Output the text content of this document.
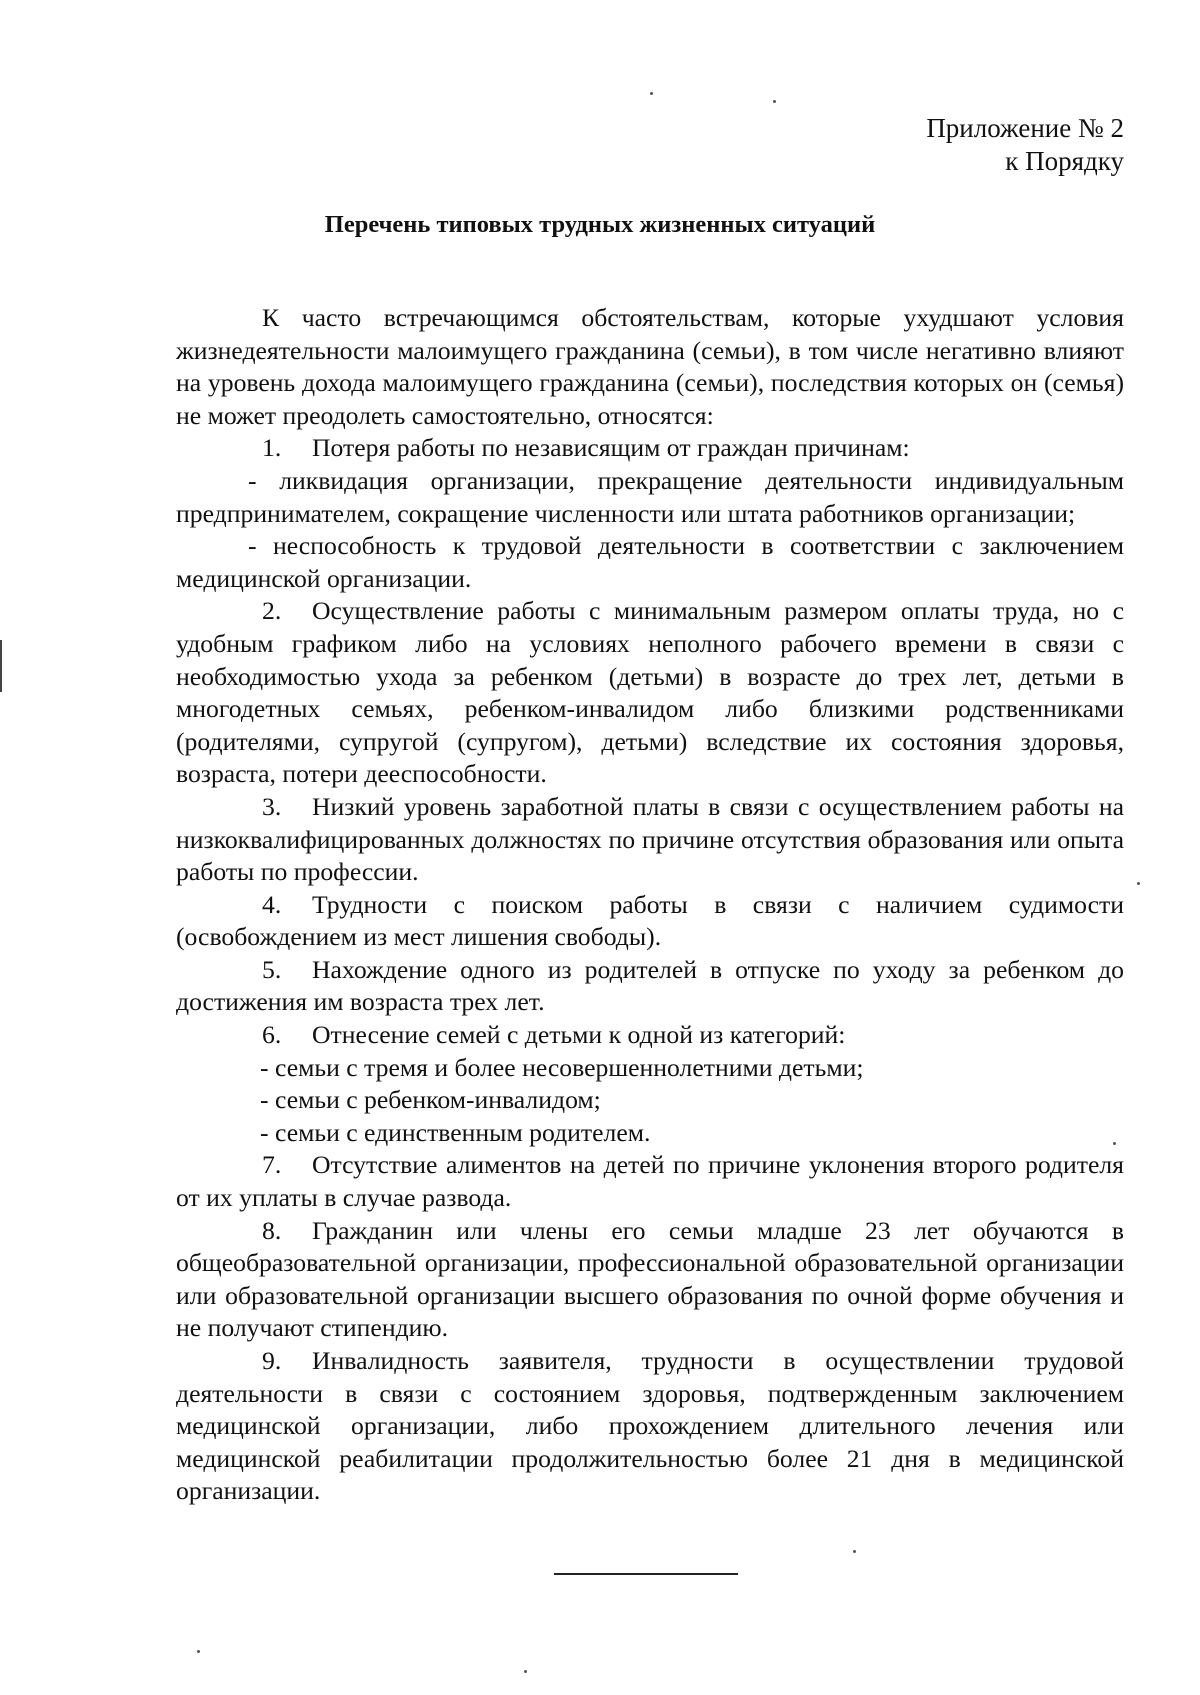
Приложение № 2
к Порядку
Перечень типовых трудных жизненных ситуаций

К часто встречающимся обстоятельствам, которые ухудшают условия жизнедеятельности малоимущего гражданина (семьи), в том числе негативно влияют на уровень дохода малоимущего гражданина (семьи), последствия которых он (семья) не может преодолеть самостоятельно, относятся:

1. Потеря работы по независящим от граждан причинам:

- ликвидация организации, прекращение деятельности индивидуальным предпринимателем, сокращение численности или штата работников организации;

- неспособность к трудовой деятельности в соответствии с заключением медицинской организации.

2. Осуществление работы с минимальным размером оплаты труда, но с удобным графиком либо на условиях неполного рабочего времени в связи с необходимостью ухода за ребенком (детьми) в возрасте до трех лет, детьми в многодетных семьях, ребенком-инвалидом либо близкими родственниками (родителями, супругой (супругом), детьми) вследствие их состояния здоровья, возраста, потери дееспособности.

3. Низкий уровень заработной платы в связи с осуществлением работы на низкоквалифицированных должностях по причине отсутствия образования или опыта работы по профессии.

4. Трудности с поиском работы в связи с наличием судимости (освобождением из мест лишения свободы).

5. Нахождение одного из родителей в отпуске по уходу за ребенком до достижения им возраста трех лет.

6. Отнесение семей с детьми к одной из категорий:

- семьи с тремя и более несовершеннолетними детьми;

- семьи с ребенком-инвалидом;

- семьи с единственным родителем.

7. Отсутствие алиментов на детей по причине уклонения второго родителя от их уплаты в случае развода.

8. Гражданин или члены его семьи младше 23 лет обучаются в общеобразовательной организации, профессиональной образовательной организации или образовательной организации высшего образования по очной форме обучения и не получают стипендию.

9. Инвалидность заявителя, трудности в осуществлении трудовой деятельности в связи с состоянием здоровья, подтвержденным заключением медицинской организации, либо прохождением длительного лечения или медицинской реабилитации продолжительностью более 21 дня в медицинской организации.
